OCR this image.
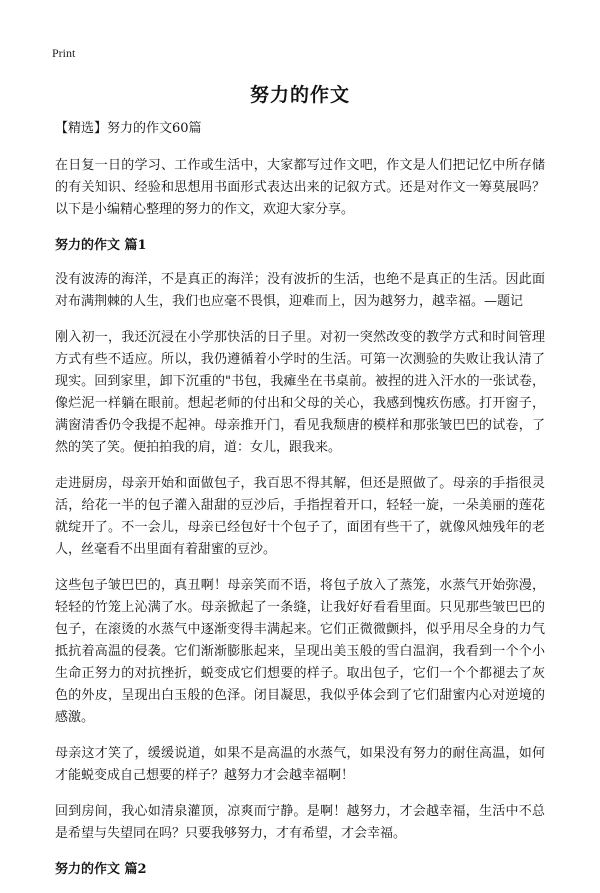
Print
努力的作文
【精选】努力的作文60篇

在日复一日的学习、工作或生活中，大家都写过作文吧，作文是人们把记忆中所存储的有关知识、经验和思想用书面形式表达出来的记叙方式。还是对作文一筹莫展吗？以下是小编精心整理的努力的作文，欢迎大家分享。

努力的作文 篇1

没有波涛的海洋，不是真正的海洋；没有波折的生活，也绝不是真正的生活。因此面对布满荆棘的人生，我们也应毫不畏惧，迎难而上，因为越努力，越幸福。—题记

刚入初一，我还沉浸在小学那快活的日子里。对初一突然改变的教学方式和时间管理方式有些不适应。所以，我仍遵循着小学时的生活。可第一次测验的失败让我认清了现实。回到家里，卸下沉重的"书包，我瘫坐在书桌前。被捏的进入汗水的一张试卷，像烂泥一样躺在眼前。想起老师的付出和父母的关心，我感到愧疚伤感。打开窗子，满窗清香仍令我提不起神。母亲推开门，看见我颓唐的模样和那张皱巴巴的试卷，了然的笑了笑。便拍拍我的肩，道：女儿，跟我来。

走进厨房，母亲开始和面做包子，我百思不得其解，但还是照做了。母亲的手指很灵活，给花一半的包子灌入甜甜的豆沙后，手指捏着开口，轻轻一旋，一朵美丽的莲花就绽开了。不一会儿，母亲已经包好十个包子了，面团有些干了，就像风烛残年的老人，丝毫看不出里面有着甜蜜的豆沙。

这些包子皱巴巴的，真丑啊！母亲笑而不语，将包子放入了蒸笼，水蒸气开始弥漫，轻轻的竹笼上沁满了水。母亲掀起了一条缝，让我好好看看里面。只见那些皱巴巴的包子，在滚烫的水蒸气中逐渐变得丰满起来。它们正微微颤抖，似乎用尽全身的力气抵抗着高温的侵袭。它们渐渐膨胀起来，呈现出美玉般的雪白温润，我看到一个个小生命正努力的对抗挫折，蜕变成它们想要的样子。取出包子，它们一个个都褪去了灰色的外皮，呈现出白玉般的色泽。闭目凝思，我似乎体会到了它们甜蜜内心对逆境的感激。

母亲这才笑了，缓缓说道，如果不是高温的水蒸气，如果没有努力的耐住高温，如何才能蜕变成自己想要的样子？越努力才会越幸福啊！

回到房间，我心如清泉灌顶，凉爽而宁静。是啊！越努力，才会越幸福，生活中不总是希望与失望同在吗？只要我够努力，才有希望，才会幸福。

努力的作文 篇2
